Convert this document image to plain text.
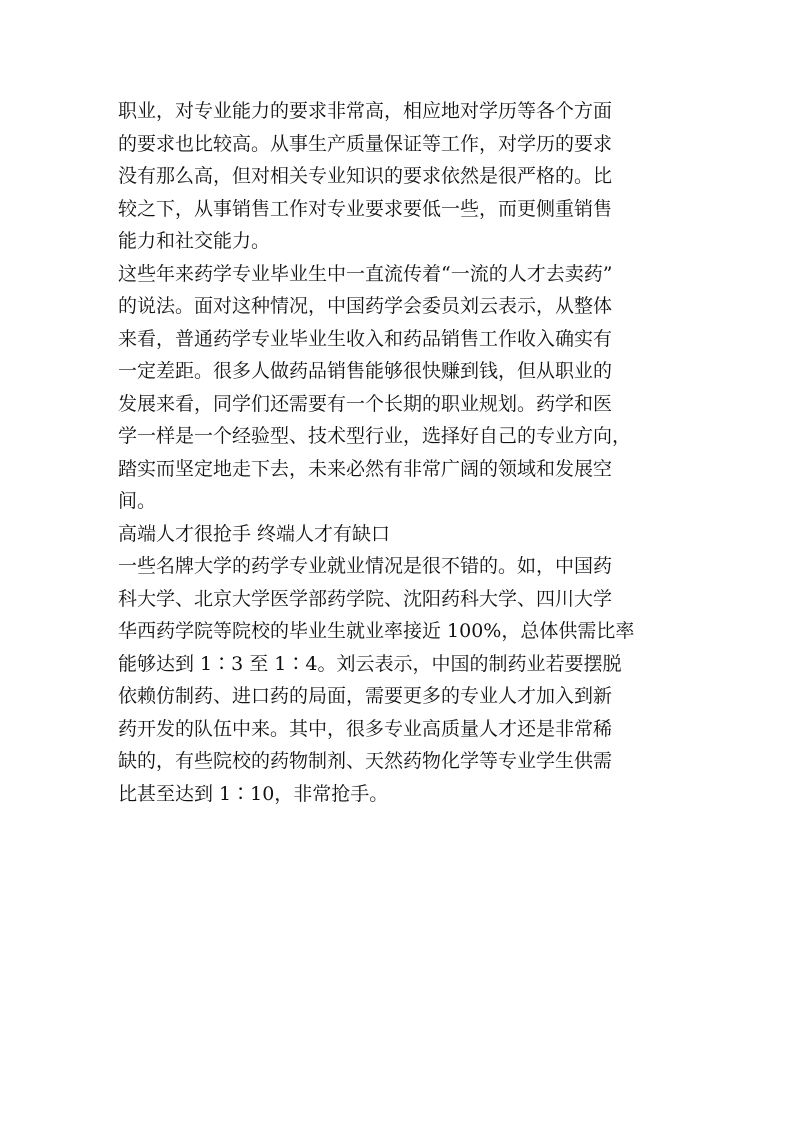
职业，对专业能力的要求非常高，相应地对学历等各个方面
的要求也比较高。从事生产质量保证等工作，对学历的要求
没有那么高，但对相关专业知识的要求依然是很严格的。比
较之下，从事销售工作对专业要求要低一些，而更侧重销售
能力和社交能力。
这些年来药学专业毕业生中一直流传着“一流的人才去卖药”
的说法。面对这种情况，中国药学会委员刘云表示，从整体
来看，普通药学专业毕业生收入和药品销售工作收入确实有
一定差距。很多人做药品销售能够很快赚到钱，但从职业的
发展来看，同学们还需要有一个长期的职业规划。药学和医
学一样是一个经验型、技术型行业，选择好自己的专业方向，
踏实而坚定地走下去，未来必然有非常广阔的领域和发展空
间。
高端人才很抢手 终端人才有缺口
一些名牌大学的药学专业就业情况是很不错的。如，中国药
科大学、北京大学医学部药学院、沈阳药科大学、四川大学
华西药学院等院校的毕业生就业率接近 100%，总体供需比率
能够达到 1∶3 至 1∶4。刘云表示，中国的制药业若要摆脱
依赖仿制药、进口药的局面，需要更多的专业人才加入到新
药开发的队伍中来。其中，很多专业高质量人才还是非常稀
缺的，有些院校的药物制剂、天然药物化学等专业学生供需
比甚至达到 1∶10，非常抢手。
